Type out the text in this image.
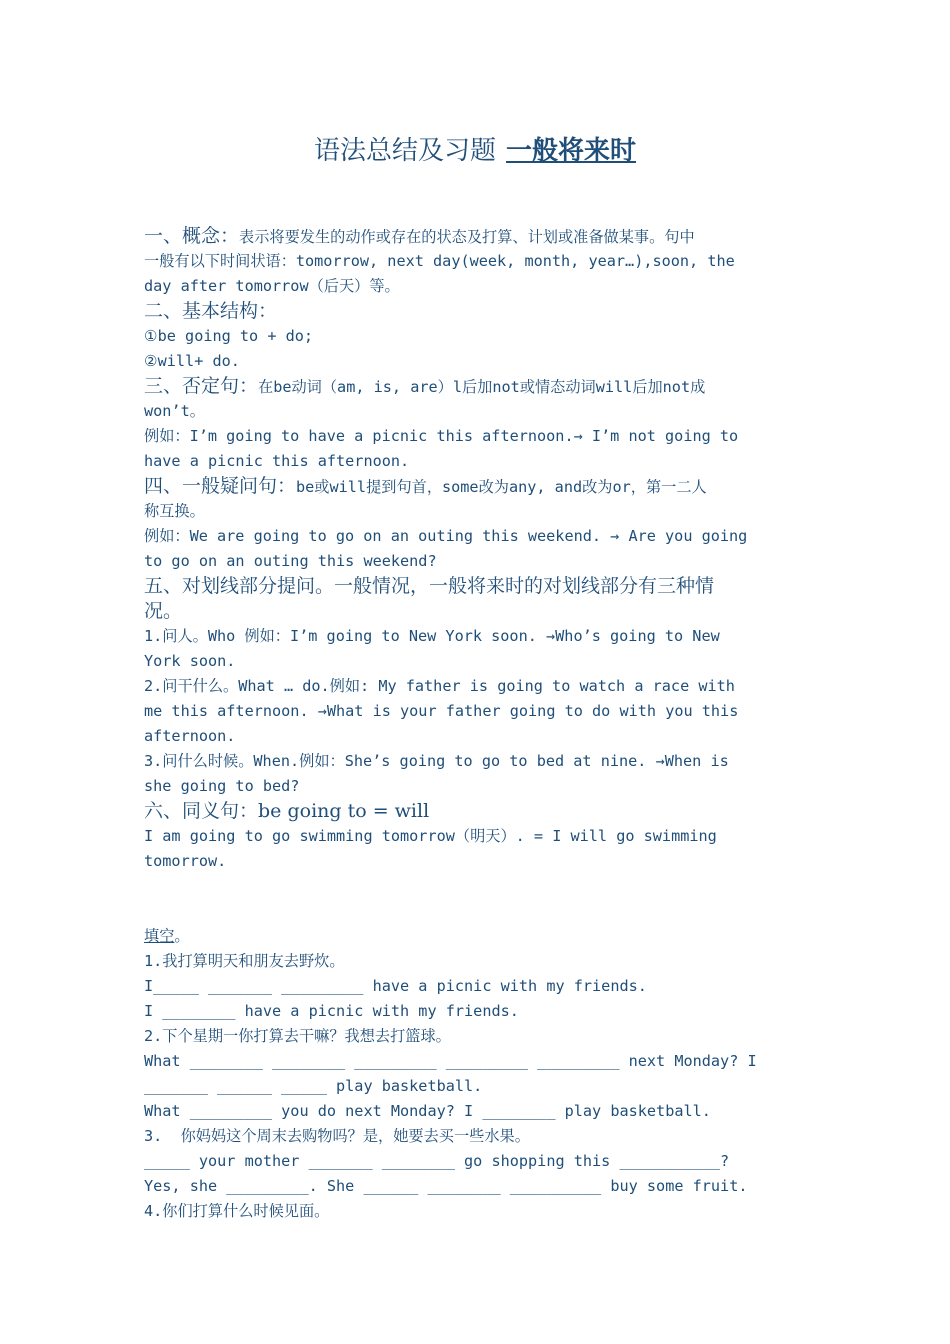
语法总结及习题 一般将来时
一、概念：表示将要发生的动作或存在的状态及打算、计划或准备做某事。句中
一般有以下时间状语：tomorrow, next day(week, month, year…),soon, the
day after tomorrow（后天）等。
二、基本结构：
①be going to + do;
②will+ do.
三、否定句：在be动词（am, is, are）l后加not或情态动词will后加not成
won’t。
例如：I’m going to have a picnic this afternoon.→ I’m not going to
have a picnic this afternoon.
四、一般疑问句：be或will提到句首，some改为any, and改为or，第一二人
称互换。
例如：We are going to go on an outing this weekend. → Are you going
to go on an outing this weekend?
五、对划线部分提问。一般情况，一般将来时的对划线部分有三种情
况。
1.问人。Who 例如：I’m going to New York soon. →Who’s going to New
York soon.
2.问干什么。What … do.例如: My father is going to watch a race with
me this afternoon. →What is your father going to do with you this
afternoon.
3.问什么时候。When.例如：She’s going to go to bed at nine. →When is
she going to bed?
六、同义句：be going to = will
I am going to go swimming tomorrow（明天）. = I will go swimming
tomorrow.
填空。
1.我打算明天和朋友去野炊。
I_____ _______ _________ have a picnic with my friends.
I ________ have a picnic with my friends.
2.下个星期一你打算去干嘛？我想去打篮球。
What ________ ________ _________ _________ _________ next Monday? I
_______ ______ _____ play basketball.
What _________ you do next Monday? I ________ play basketball.
3.  你妈妈这个周末去购物吗？是，她要去买一些水果。
_____ your mother _______ ________ go shopping this ___________?
Yes, she _________. She ______ ________ __________ buy some fruit.
4.你们打算什么时候见面。
